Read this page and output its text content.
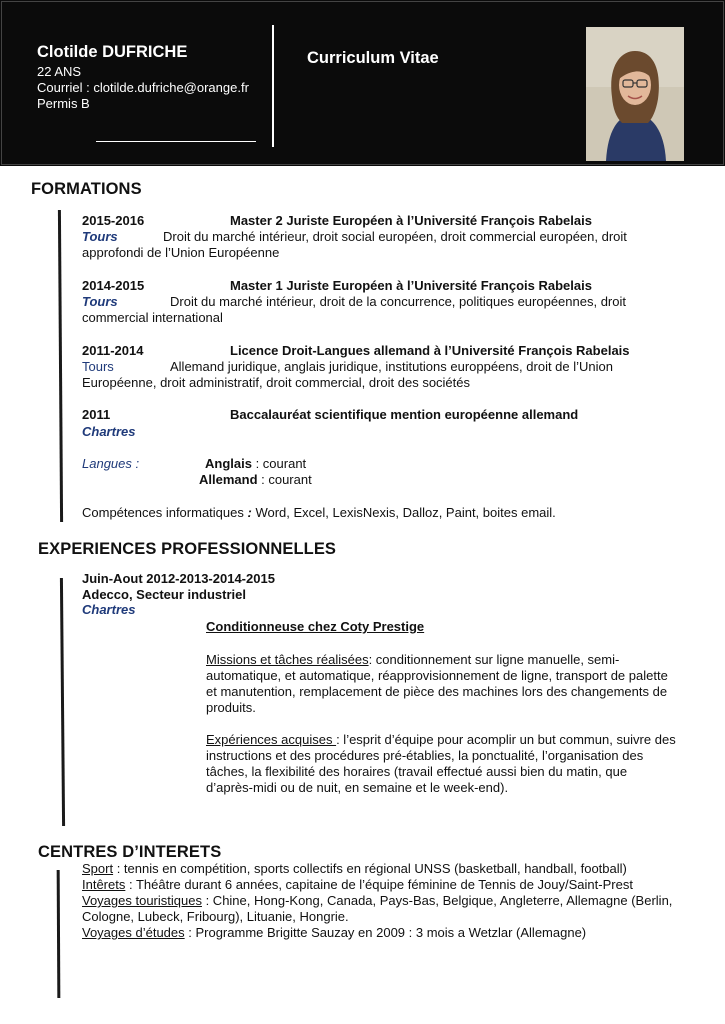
Clotilde DUFRICHE
22 ANS
Courriel : clotilde.dufriche@orange.fr
Permis B
Curriculum Vitae
FORMATIONS
2015-2016	Master 2 Juriste Européen à l’Université François Rabelais
Tours	Droit du marché intérieur, droit social européen, droit commercial européen, droit
approfondi de l’Union Européenne
2014-2015	Master 1 Juriste Européen à l’Université François Rabelais
Tours	Droit du marché intérieur, droit de la concurrence, politiques européennes, droit
commercial international
2011-2014	Licence Droit-Langues allemand à l’Université François Rabelais
Tours	Allemand juridique, anglais juridique, institutions europpéens, droit de l’Union
Européenne, droit administratif, droit commercial, droit des sociétés
2011	Baccalauréat scientifique mention européenne allemand
Chartres
Langues :	Anglais : courant
Allemand : courant
Compétences informatiques : Word, Excel, LexisNexis, Dalloz, Paint, boites email.
EXPERIENCES PROFESSIONNELLES
Juin-Aout 2012-2013-2014-2015
Adecco, Secteur industriel
Chartres
Conditionneuse chez Coty Prestige
Missions et tâches réalisées: conditionnement sur ligne manuelle, semi-
automatique, et automatique, réapprovisionnement de ligne, transport de palette
et manutention, remplacement de pièce des machines lors des changements de
produits.
Expériences acquises : l’esprit d’équipe pour acomplir un but commun, suivre des
instructions et des procédures pré-établies, la ponctualité, l’organisation des
tâches, la flexibilité des horaires (travail effectué aussi bien du matin, que
d’après-midi ou de nuit, en semaine et le week-end).
CENTRES D’INTERETS
Sport : tennis en compétition, sports collectifs en régional UNSS (basketball, handball, football)
Intêrets : Théâtre durant 6 années, capitaine de l’équipe féminine de Tennis de Jouy/Saint-Prest
Voyages touristiques : Chine, Hong-Kong, Canada, Pays-Bas, Belgique, Angleterre, Allemagne (Berlin,
Cologne, Lubeck, Fribourg), Lituanie, Hongrie.
Voyages d’études : Programme Brigitte Sauzay en 2009 : 3 mois a Wetzlar (Allemagne)
